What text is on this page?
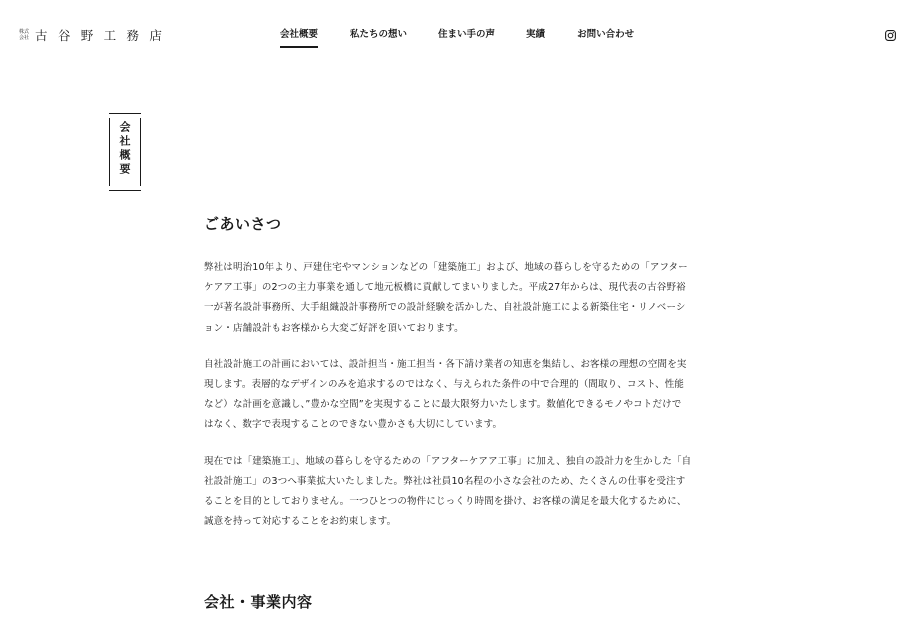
株式
会社 古 谷 野 工 務 店	会社概要	私たちの想い	住まい手の声	実績	お問い合わせ
会社概要
ごあいさつ

弊社は明治10年より、戸建住宅やマンションなどの「建築施工」および、地域の暮らしを守るための「アフター
ケアア工事」の2つの主力事業を通して地元板橋に貢献してまいりました。平成27年からは、現代表の古谷野裕
一が著名設計事務所、大手組織設計事務所での設計経験を活かした、自社設計施工による新築住宅・リノベーシ
ョン・店舗設計もお客様から大変ご好評を頂いております。

自社設計施工の計画においては、設計担当・施工担当・各下請け業者の知恵を集結し、お客様の理想の空間を実
現します。表層的なデザインのみを追求するのではなく、与えられた条件の中で合理的（間取り、コスト、性能
など）な計画を意識し、”豊かな空間”を実現することに最大限努力いたします。数値化できるモノやコトだけで
はなく、数字で表現することのできない豊かさも大切にしています。

現在では「建築施工」、地域の暮らしを守るための「アフターケアア工事」に加え、独自の設計力を生かした「自
社設計施工」の3つへ事業拡大いたしました。弊社は社員10名程の小さな会社のため、たくさんの仕事を受注す
ることを目的としておりません。一つひとつの物件にじっくり時間を掛け、お客様の満足を最大化するために、
誠意を持って対応することをお約束します。

会社・事業内容
